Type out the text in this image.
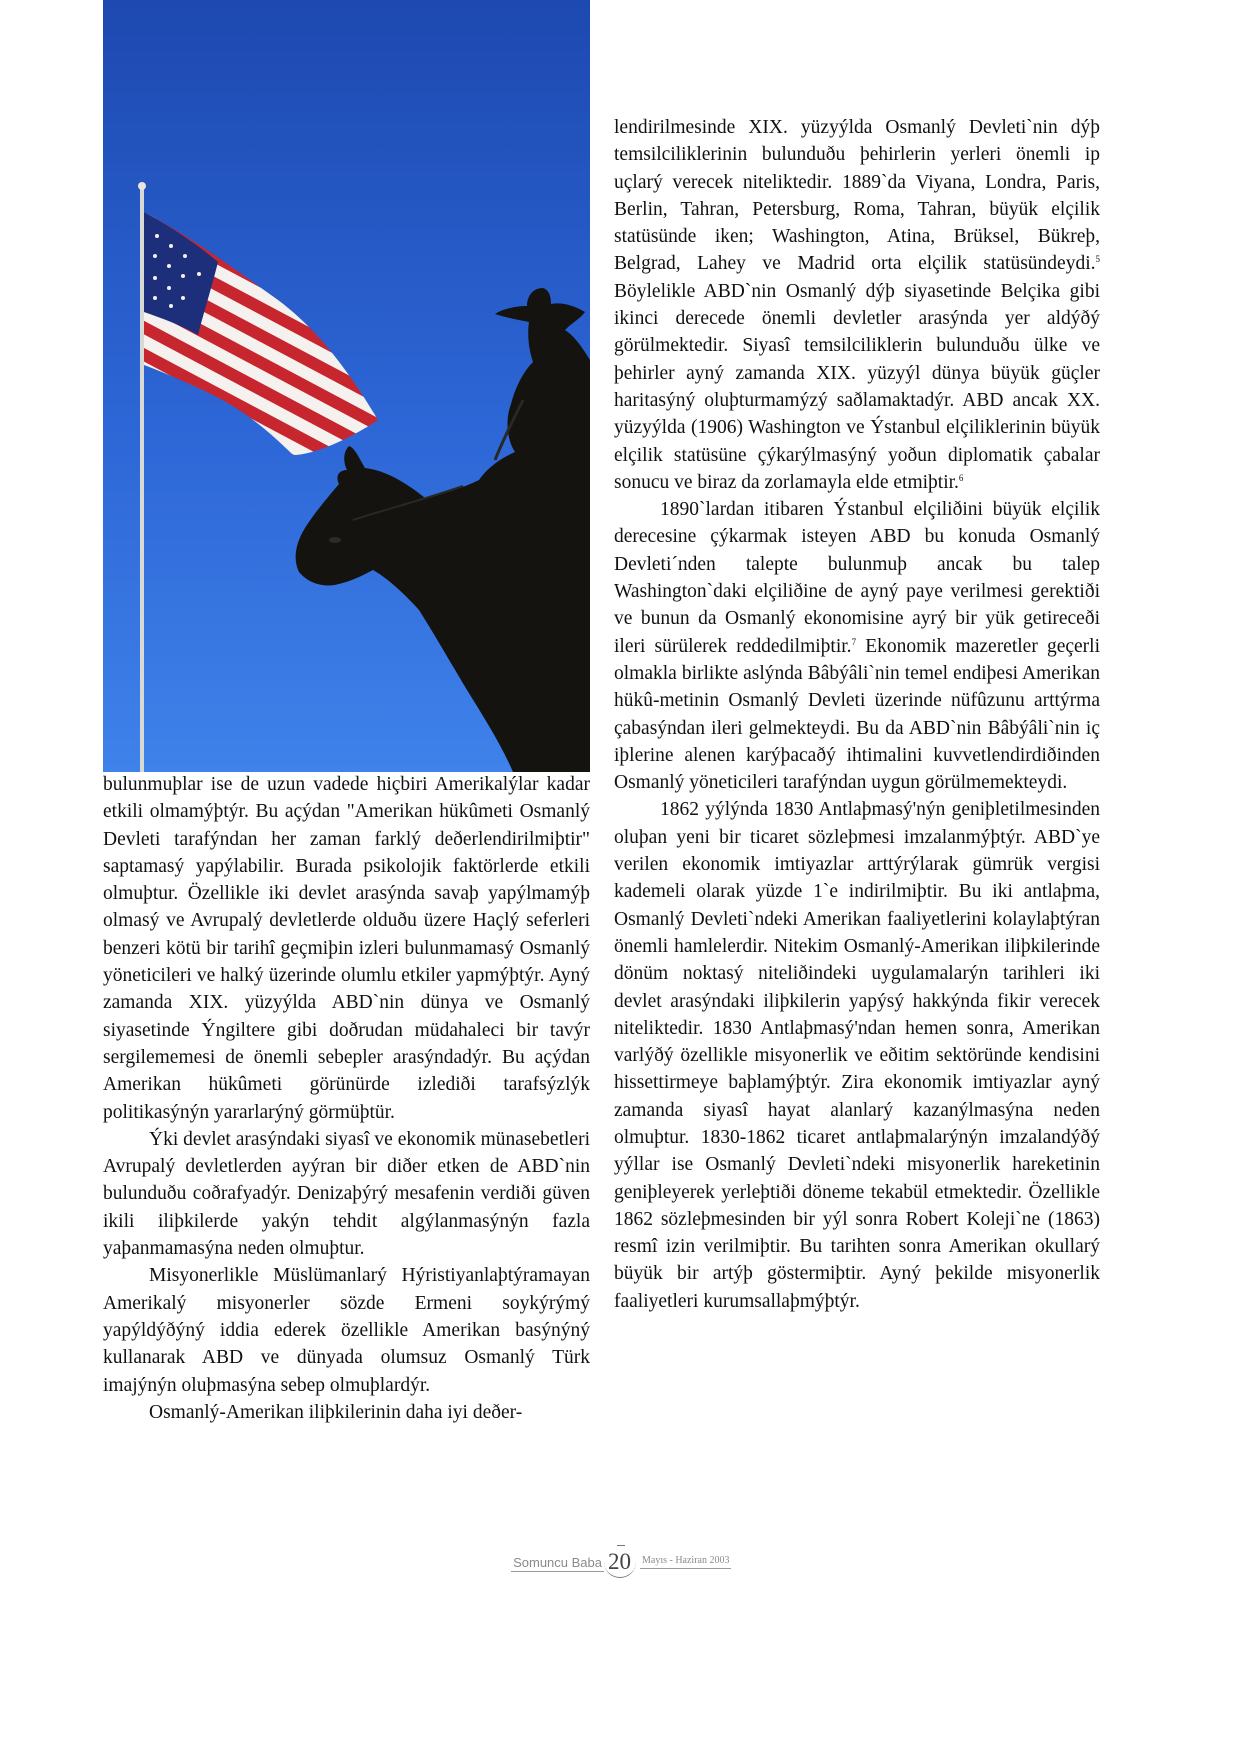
bulunmuþlar ise de uzun vadede hiçbiri Amerikalýlar kadar etkili olmamýþtýr. Bu açýdan "Amerikan hükûmeti Osmanlý Devleti tarafýndan her zaman farklý deðerlendirilmiþtir" saptamasý yapýlabilir. Burada psikolojik faktörlerde etkili olmuþtur. Özellikle iki devlet arasýnda savaþ yapýlmamýþ olmasý ve Avrupalý devletlerde olduðu üzere Haçlý seferleri benzeri kötü bir tarihî geçmiþin izleri bulunmamasý Osmanlý yöneticileri ve halký üzerinde olumlu etkiler yapmýþtýr. Ayný zamanda XIX. yüzyýlda ABD`nin dünya ve Osmanlý siyasetinde Ýngiltere gibi doðrudan müdahaleci bir tavýr sergilememesi de önemli sebepler arasýndadýr. Bu açýdan Amerikan hükûmeti görünürde izlediði tarafsýzlýk politikasýnýn yararlarýný görmüþtür.

Ýki devlet arasýndaki siyasî ve ekonomik münasebetleri Avrupalý devletlerden ayýran bir diðer etken de ABD`nin bulunduðu coðrafyadýr. Denizaþýrý mesafenin verdiði güven ikili iliþkilerde yakýn tehdit algýlanmasýnýn fazla yaþanmamasýna neden olmuþtur.

Misyonerlikle Müslümanlarý Hýristiyanlaþtýramayan Amerikalý misyonerler sözde Ermeni soykýrýmý yapýldýðýný iddia ederek özellikle Amerikan basýnýný kullanarak ABD ve dünyada olumsuz Osmanlý Türk imajýnýn oluþmasýna sebep olmuþlardýr.

Osmanlý-Amerikan iliþkilerinin daha iyi deðer-

lendirilmesinde XIX. yüzyýlda Osmanlý Devleti`nin dýþ temsilciliklerinin bulunduðu þehirlerin yerleri önemli ip uçlarý verecek niteliktedir. 1889`da Viyana, Londra, Paris, Berlin, Tahran, Petersburg, Roma, Tahran, büyük elçilik statüsünde iken; Washington, Atina, Brüksel, Bükreþ, Belgrad, Lahey ve Madrid orta elçilik statüsündeydi.$^5$ Böylelikle ABD`nin Osmanlý dýþ siyasetinde Belçika gibi ikinci derecede önemli devletler arasýnda yer aldýðý görülmektedir. Siyasî temsilciliklerin bulunduðu ülke ve þehirler ayný zamanda XIX. yüzyýl dünya büyük güçler haritasýný oluþturmamýzý saðlamaktadýr. ABD ancak XX. yüzyýlda (1906) Washington ve Ýstanbul elçiliklerinin büyük elçilik statüsüne çýkarýlmasýný yoðun diplomatik çabalar sonucu ve biraz da zorlamayla elde etmiþtir.$^6$

1890`lardan itibaren Ýstanbul elçiliðini büyük elçilik derecesine çýkarmak isteyen ABD bu konuda Osmanlý Devleti´nden talepte bulunmuþ ancak bu talep Washington`daki elçiliðine de ayný paye verilmesi gerektiði ve bunun da Osmanlý ekonomisine ayrý bir yük getireceði ileri sürülerek reddedilmiþtir.$^7$ Ekonomik mazeretler geçerli olmakla birlikte aslýnda Bâbýâli`nin temel endiþesi Amerikan hükû-metinin Osmanlý Devleti üzerinde nüfûzunu arttýrma çabasýndan ileri gelmekteydi. Bu da ABD`nin Bâbýâli`nin iç iþlerine alenen karýþacaðý ihtimalini kuvvetlendirdiðinden Osmanlý yöneticileri tarafýndan uygun görülmemekteydi.

1862 yýlýnda 1830 Antlaþmasý'nýn geniþletilmesinden oluþan yeni bir ticaret sözleþmesi imzalanmýþtýr. ABD`ye verilen ekonomik imtiyazlar arttýrýlarak gümrük vergisi kademeli olarak yüzde 1`e indirilmiþtir. Bu iki antlaþma, Osmanlý Devleti`ndeki Amerikan faaliyetlerini kolaylaþtýran önemli hamlelerdir. Nitekim Osmanlý-Amerikan iliþkilerinde dönüm noktasý niteliðindeki uygulamalarýn tarihleri iki devlet arasýndaki iliþkilerin yapýsý hakkýnda fikir verecek niteliktedir. 1830 Antlaþmasý'ndan hemen sonra, Amerikan varlýðý özellikle misyonerlik ve eðitim sektöründe kendisini hissettirmeye baþlamýþtýr. Zira ekonomik imtiyazlar ayný zamanda siyasî hayat alanlarý kazanýlmasýna neden olmuþtur. 1830-1862 ticaret antlaþmalarýnýn imzalandýðý yýllar ise Osmanlý Devleti`ndeki misyonerlik hareketinin geniþleyerek yerleþtiði döneme tekabül etmektedir. Özellikle 1862 sözleþmesinden bir yýl sonra Robert Koleji`ne (1863) resmî izin verilmiþtir. Bu tarihten sonra Amerikan okullarý büyük bir artýþ göstermiþtir. Ayný þekilde misyonerlik faaliyetleri kurumsallaþmýþtýr.

Somuncu Baba 20 Mayıs - Haziran 2003
